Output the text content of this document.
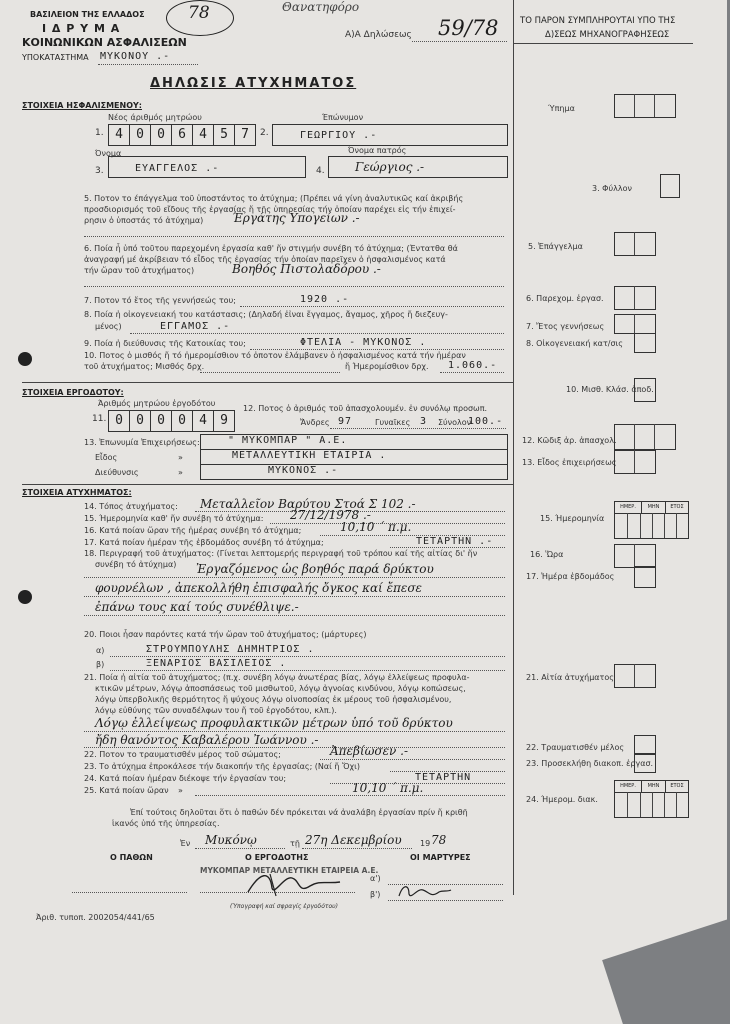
ΒΑΣΙΛΕΙΟΝ ΤΗΣ ΕΛΛΑΔΟΣ
Ι Δ Ρ Υ Μ Α
ΚΟΙΝΩΝΙΚΩΝ ΑΣΦΑΛΙΣΕΩΝ
ΥΠΟΚΑΤΑΣΤΗΜΑ ΜΥΚΟΝΟΥ .-
78	Θανατηφόρο
Α)Α Δηλώσεως 59/78
ΔΗΛΩΣΙΣ ΑΤΥΧΗΜΑΤΟΣ
ΤΟ ΠΑΡΟΝ ΣΥΜΠΛΗΡΟΥΤΑΙ ΥΠΟ ΤΗΣ
Δ)ΣΕΩΣ ΜΗΧΑΝΟΓΡΑΦΗΣΕΩΣ
ΣΤΟΙΧΕΙΑ ΗΣΦΑΛΙΣΜΕΝΟΥ:
Νέος άριθμός μητρώου
1. 4	0	0	6	4	5	7	2.
Έπώνυμον
ΓΕΩΡΓΙΟΥ .-
Όνομα
3.	ΕΥΑΓΓΕΛΟΣ .-	4.
Όνομα πατρός
Γεώργιος .-
5. Ποτον το έπάγγελμα τοῦ ὑποστάντος το ἀτύχημα; (Πρέπει νά γίνη ἀναλυτικῶς καί ἀκριβής
προσδιορισμός τοῦ εἴδους τῆς ἐργασίας ἤ τῆς ὑπηρεσίας τήν ὁποίαν παρέχει εἰς τήν ἐπιχεί-
ρησιν ὁ ὑποστάς τό ἀτύχημα) Έργάτης Υπογείων .-
6. Ποία ἦ ὑπό τοῦτου παρεχομένη ἐργασία καθ' ἥν στιγμήν συνέβη τό ἀτύχημα; (Έντατθα θά
ἀναγραφή μέ ἀκρίβειαν τό εἶδος τῆς ἐργασίας τήν ὁποίαν παρεῖχεν ὁ ἠσφαλισμένος κατά
τήν ὥραν τοῦ ἀτυχήματος)	Βοηθός Πιστολαδόρου .-
7. Ποτον τό ἔτος τῆς γεννήσεώς του;	1920 .-
8. Ποία ἡ οἰκογενειακή του κατάστασις; (Δηλαδή ἐἰναι ἔγγαμος, ἄγαμος, χῆρος ἤ διεζευγ-
μένος)	ΕΓΓΑΜΟΣ .-
9. Ποία ἡ διεύθυνσις τῆς Κατοικίας του;	ΦΤΕΛΙΑ - ΜΥΚΟΝΟΣ .
10. Ποτος ὁ μισθός ἤ τό ἡμερομίσθιον τό ὁποτον ἐλάμβανεν ὁ ἠσφαλισμένος κατά τήν ἡμέραν
τοῦ ἀτυχήματος; Μισθός δρχ.	ἤ Ήμερομίσθιον δρχ. 1.060.-
ΣΤΟΙΧΕΙΑ ΕΡΓΟΔΟΤΟΥ:
Άριθμός μητρώου ἐργοδότου
11. 0	0	0	0	4	9
12. Ποτος ὁ ἀριθμός τοῦ ἀπασχολουμέν. ἐν συνόλῳ προσωπ.
Ἄνδρες 97	Γυναῖκες 3 Σύνολον
100.-
13. Ἐπωνυμία Ἐπιχειρήσεως:	" ΜΥΚΟΜΠΑΡ " Α.Ε.
Εἶδος	»	ΜΕΤΑΛΛΕΥΤΙΚΗ ΕΤΑΙΡΙΑ .
Διεύθυνσις	»	ΜΥΚΟΝΟΣ .-
ΣΤΟΙΧΕΙΑ ΑΤΥΧΗΜΑΤΟΣ:
14. Τόπος ἀτυχήματος: Μεταλλεῖον Βαρύτου Στοά Σ 102 .-
15. Ήμερομηνία καθ' ἥν συνέβη τό ἀτύχημα: 27/12/1978 .-
16. Κατά ποίαν ὥραν τῆς ἡμέρας συνέβη τό ἀτύχημα;	10,10 ΄ π.μ.
17. Κατά ποίαν ἡμέραν τῆς ἑβδομάδος συνέβη τό ἀτύχημα;	ΤΕΤΑΡΤΗΝ .-
18. Περιγραφή τοῦ ἀτυχήματος: (Γίνεται λεπτομερής περιγραφή τοῦ τρόπου καί τῆς αἰτίας δι' ἥν
συνέβη τό ἀτύχημα) Ἐργαζόμενος ὡς βοηθός παρά δρύκτου
φουρνέλων , ἀπεκολλήθη ἐπισφαλής ὄγκος καί ἔπεσε
ἐπάνω τους καί τούς συνέθλιψε.-
20. Ποιοι ἦσαν παρόντες κατά τήν ὥραν τοῦ ἀτυχήματος; (μάρτυρες)
α)	ΣΤΡΟΥΜΠΟΥΛΗΣ ΔΗΜΗΤΡΙΟΣ .
β)	ΞΕΝΑΡΙΟΣ ΒΑΣΙΛΕΙΟΣ .
21. Ποία ἡ αἰτία τοῦ ἀτυχήματος; (π.χ. συνέβη λόγῳ ἀνωτέρας βίας, λόγῳ ἐλλείψεως προφυλα-
κτικῶν μέτρων, λόγῳ ἀποσπάσεως τοῦ μισθωτοῦ, λόγῳ ἀγνοίας κινδύνου, λόγῳ κοπώσεως,
λόγῳ ὑπερβολικῆς θερμότητος ἤ ψύχους λόγῳ οἰνοποσίας ἐκ μέρους τοῦ ἠσφαλισμένου,
λόγῳ εὐθύνης τῶν συναδέλφων του ἤ τοῦ ἐργοδότου, κλπ.).
Λόγῳ ἐλλείψεως προφυλακτικῶν μέτρων ὑπό τοῦ δρύκτου
ἤδη θανόντος Καβαλέρου Ἰωάννου .-
22. Ποτον το τραυματισθέν μέρος τοῦ σώματος;	Ἀπεβίωσεν .-
23. Το ἀτύχημα ἐπροκάλεσε τήν διακοπήν τῆς ἐργασίας; (Ναί ἤ Ὄχι)
24. Κατά ποίαν ἡμέραν διέκοψε τήν ἐργασίαν του;	ΤΕΤΑΡΤΗΝ
25. Κατά ποίαν ὥραν »	10,10 ΄ π.μ.
Ἐπί τούτοις δηλοῦται ὅτι ὁ παθών δέν πρόκειται νά ἀναλάβη ἐργασίαν πρίν ἤ κριθῆ
ἱκανός ὑπό τῆς ὑπηρεσίας.
Ἐν Μυκόνῳ	τῇ 27η Δεκεμβρίου 19 78
Ο ΠΑΘΩΝ	Ο ΕΡΓΟΔΟΤΗΣ	ΟΙ ΜΑΡΤΥΡΕΣ
ΜΥΚΟΜΠΑΡ ΜΕΤΑΛΛΕΥΤΙΚΗ ΕΤΑΙΡΕΙΑ Α.Ε.
α')
β')
(Ὑπογραφή καί σφραγίς ἐργοδότου)
Ἀριθ. τυποπ. 2002054/441/65
Ύπημα
3. Φύλλον
5. Ἐπάγγελμα
6. Παρεχομ. ἐργασ.
7. Ἔτος γεννήσεως
8. Οἰκογενειακή κατ/σις
10. Μισθ. Κλάσ. ἀποδ.
12. Κῶδιξ ἀρ. ἀπασχολ.
13. Εἶδος ἐπιχειρήσεως
15. Ήμερομηνία
ΗΜΕΡ.	ΜΗΝ	ΕΤΟΣ
16. Ὥρα
17. Ἡμέρα ἑβδομάδος
21. Αἰτία ἀτυχήματος
22. Τραυματισθέν μέλος
23. Προσεκλήθη διακοπ. ἐργασ.
24. Ήμερομ. διακ.
ΗΜΕΡ.	ΜΗΝ	ΕΤΟΣ
